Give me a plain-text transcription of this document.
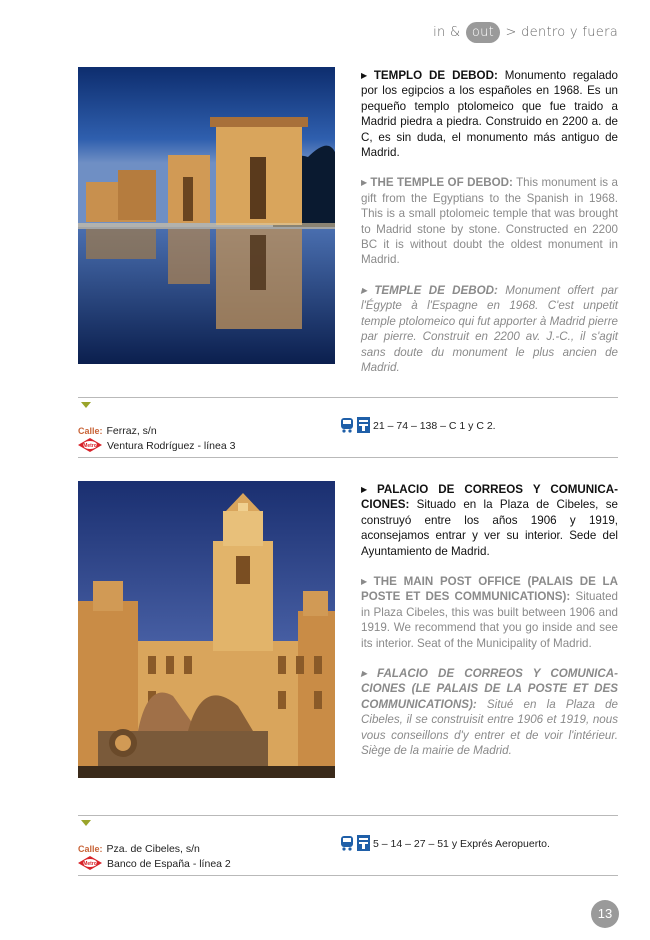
in & out > dentro y fuera

▶ TEMPLO DE DEBOD: Monumento regalado por los egipcios a los españoles en 1968. Es un pequeño templo ptolomeico que fue traido a Madrid piedra a piedra. Construido en 2200 a. de C, es sin duda, el monumento más antiguo de Madrid.

▶ THE TEMPLE OF DEBOD: This monument is a gift from the Egyptians to the Spanish in 1968. This is a small ptolomeic temple that was brought to Madrid stone by stone. Constructed en 2200 BC it is without doubt the oldest monument in Madrid.

▶ TEMPLE DE DEBOD: Monument offert par l'Égypte à l'Espagne en 1968. C'est unpetit temple ptolomeico qui fut apporter à Madrid pierre par pierre. Construit en 2200 av. J.-C., il s'agit sans doute du monument le plus ancien de Madrid.

Calle: Ferraz, s/n
Metro Ventura Rodríguez - línea 3
21 – 74 – 138 – C 1 y C 2.

▶ PALACIO DE CORREOS Y COMUNICA-CIONES: Situado en la Plaza de Cibeles, se construyó entre los años 1906 y 1919, aconsejamos entrar y ver su interior. Sede del Ayuntamiento de Madrid.

▶ THE MAIN POST OFFICE (PALAIS DE LA POSTE ET DES COMMUNICATIONS): Situated in Plaza Cibeles, this was built between 1906 and 1919. We recommend that you go inside and see its interior. Seat of the Municipality of Madrid.

▶ FALACIO DE CORREOS Y COMUNICA-CIONES (LE PALAIS DE LA POSTE ET DES COMMUNICATIONS): Situé en la Plaza de Cibeles, il se construisit entre 1906 et 1919, nous vous conseillons d'y entrer et de voir l'intérieur. Siège de la mairie de Madrid.

Calle: Pza. de Cibeles, s/n
Metro Banco de España - línea 2
5 – 14 – 27 – 51 y Exprés Aeropuerto.
13
